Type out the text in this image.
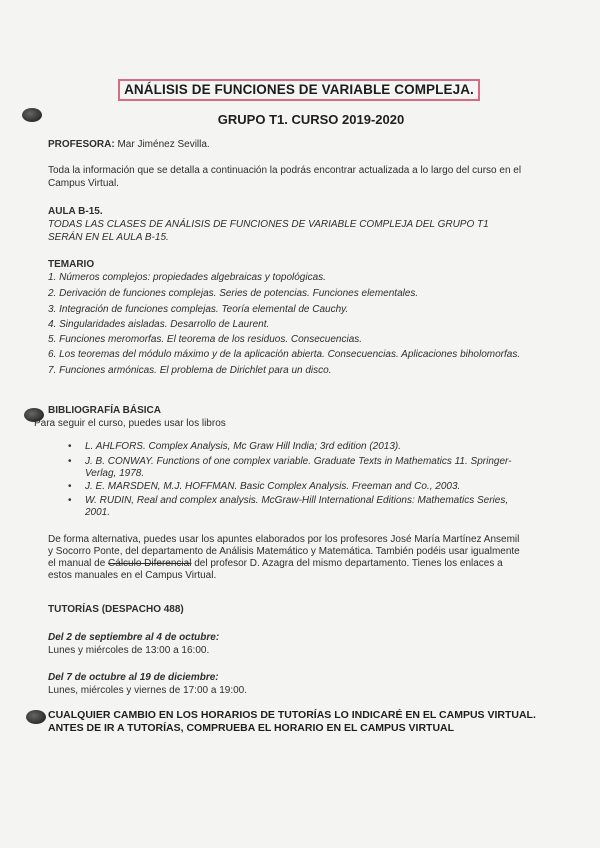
ANÁLISIS DE FUNCIONES DE VARIABLE COMPLEJA.
GRUPO T1. CURSO 2019-2020
PROFESORA: Mar Jiménez Sevilla.
Toda la información que se detalla a continuación la podrás encontrar actualizada a lo largo del curso en el
Campus Virtual.
AULA B-15.
TODAS LAS CLASES DE ANÁLISIS DE FUNCIONES DE VARIABLE COMPLEJA DEL GRUPO T1
SERÁN EN EL AULA B-15.
TEMARIO
1. Números complejos: propiedades algebraicas y topológicas.
2. Derivación de funciones complejas. Series de potencias. Funciones elementales.
3. Integración de funciones complejas. Teoría elemental de Cauchy.
4. Singularidades aisladas. Desarrollo de Laurent.
5. Funciones meromorfas. El teorema de los residuos. Consecuencias.
6. Los teoremas del módulo máximo y de la aplicación abierta. Consecuencias. Aplicaciones biholomorfas.
7. Funciones armónicas. El problema de Dirichlet para un disco.
BIBLIOGRAFÍA BÁSICA
Para seguir el curso, puedes usar los libros
• L. AHLFORS. Complex Analysis, Mc Graw Hill India; 3rd edition (2013).
• J. B. CONWAY. Functions of one complex variable. Graduate Texts in Mathematics 11. Springer-
Verlag, 1978.
• J. E. MARSDEN, M.J. HOFFMAN. Basic Complex Analysis. Freeman and Co., 2003.
• W. RUDIN, Real and complex analysis. McGraw-Hill International Editions: Mathematics Series,
2001.
De forma alternativa, puedes usar los apuntes elaborados por los profesores José María Martínez Ansemil
y Socorro Ponte, del departamento de Análisis Matemático y Matemática. También podéis usar igualmente
el manual de Cálculo Diferencial del profesor D. Azagra del mismo departamento. Tienes los enlaces a
estos manuales en el Campus Virtual.
TUTORÍAS (DESPACHO 488)
Del 2 de septiembre al 4 de octubre:
Lunes y miércoles de 13:00 a 16:00.
Del 7 de octubre al 19 de diciembre:
Lunes, miércoles y viernes de 17:00 a 19:00.
CUALQUIER CAMBIO EN LOS HORARIOS DE TUTORÍAS LO INDICARÉ EN EL CAMPUS VIRTUAL.
ANTES DE IR A TUTORÍAS, COMPRUEBA EL HORARIO EN EL CAMPUS VIRTUAL
